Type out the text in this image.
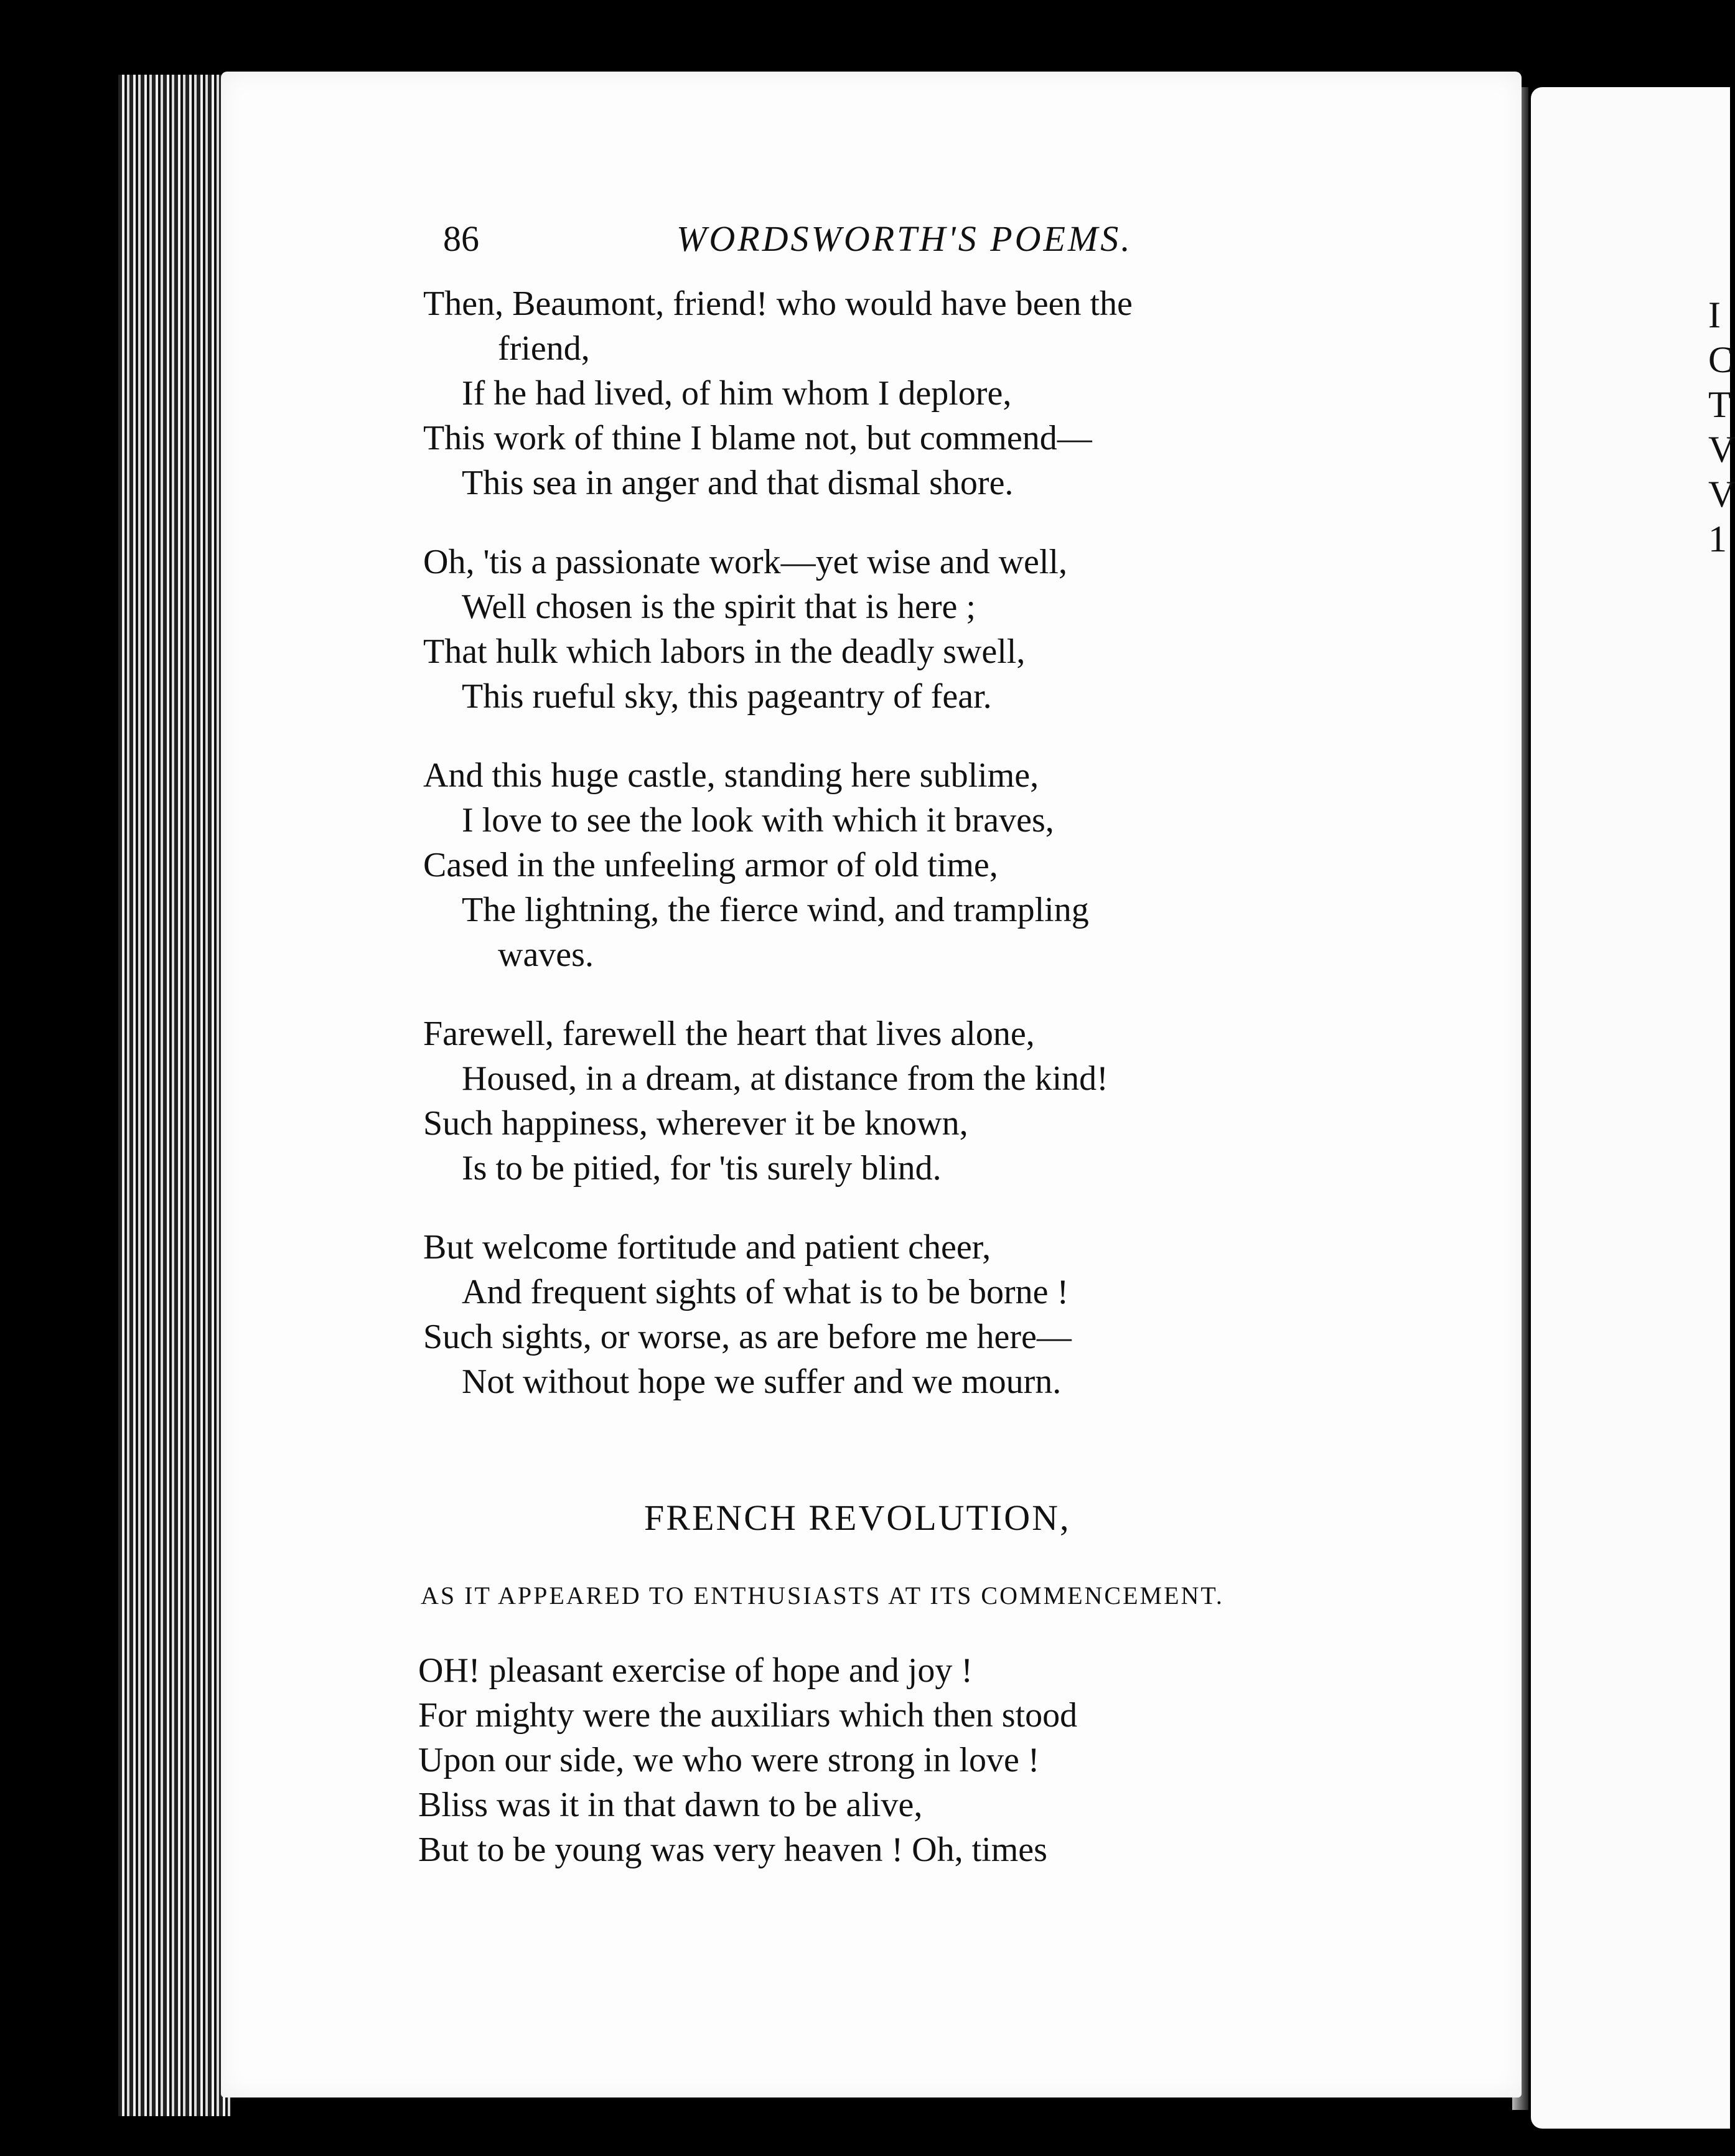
86	WORDSWORTH'S POEMS.
Then, Beaumont, friend! who would have been the
friend,
If he had lived, of him whom I deplore,
This work of thine I blame not, but commend—
This sea in anger and that dismal shore.
Oh, 'tis a passionate work—yet wise and well,
Well chosen is the spirit that is here ;
That hulk which labors in the deadly swell,
This rueful sky, this pageantry of fear.
And this huge castle, standing here sublime,
I love to see the look with which it braves,
Cased in the unfeeling armor of old time,
The lightning, the fierce wind, and trampling
waves.
Farewell, farewell the heart that lives alone,
Housed, in a dream, at distance from the kind!
Such happiness, wherever it be known,
Is to be pitied, for 'tis surely blind.
But welcome fortitude and patient cheer,
And frequent sights of what is to be borne !
Such sights, or worse, as are before me here—
Not without hope we suffer and we mourn.
FRENCH REVOLUTION,
AS IT APPEARED TO ENTHUSIASTS AT ITS COMMENCEMENT.
OH! pleasant exercise of hope and joy !
For mighty were the auxiliars which then stood
Upon our side, we who were strong in love !
Bliss was it in that dawn to be alive,
But to be young was very heaven ! Oh, times
I
C
T
V
V
1
